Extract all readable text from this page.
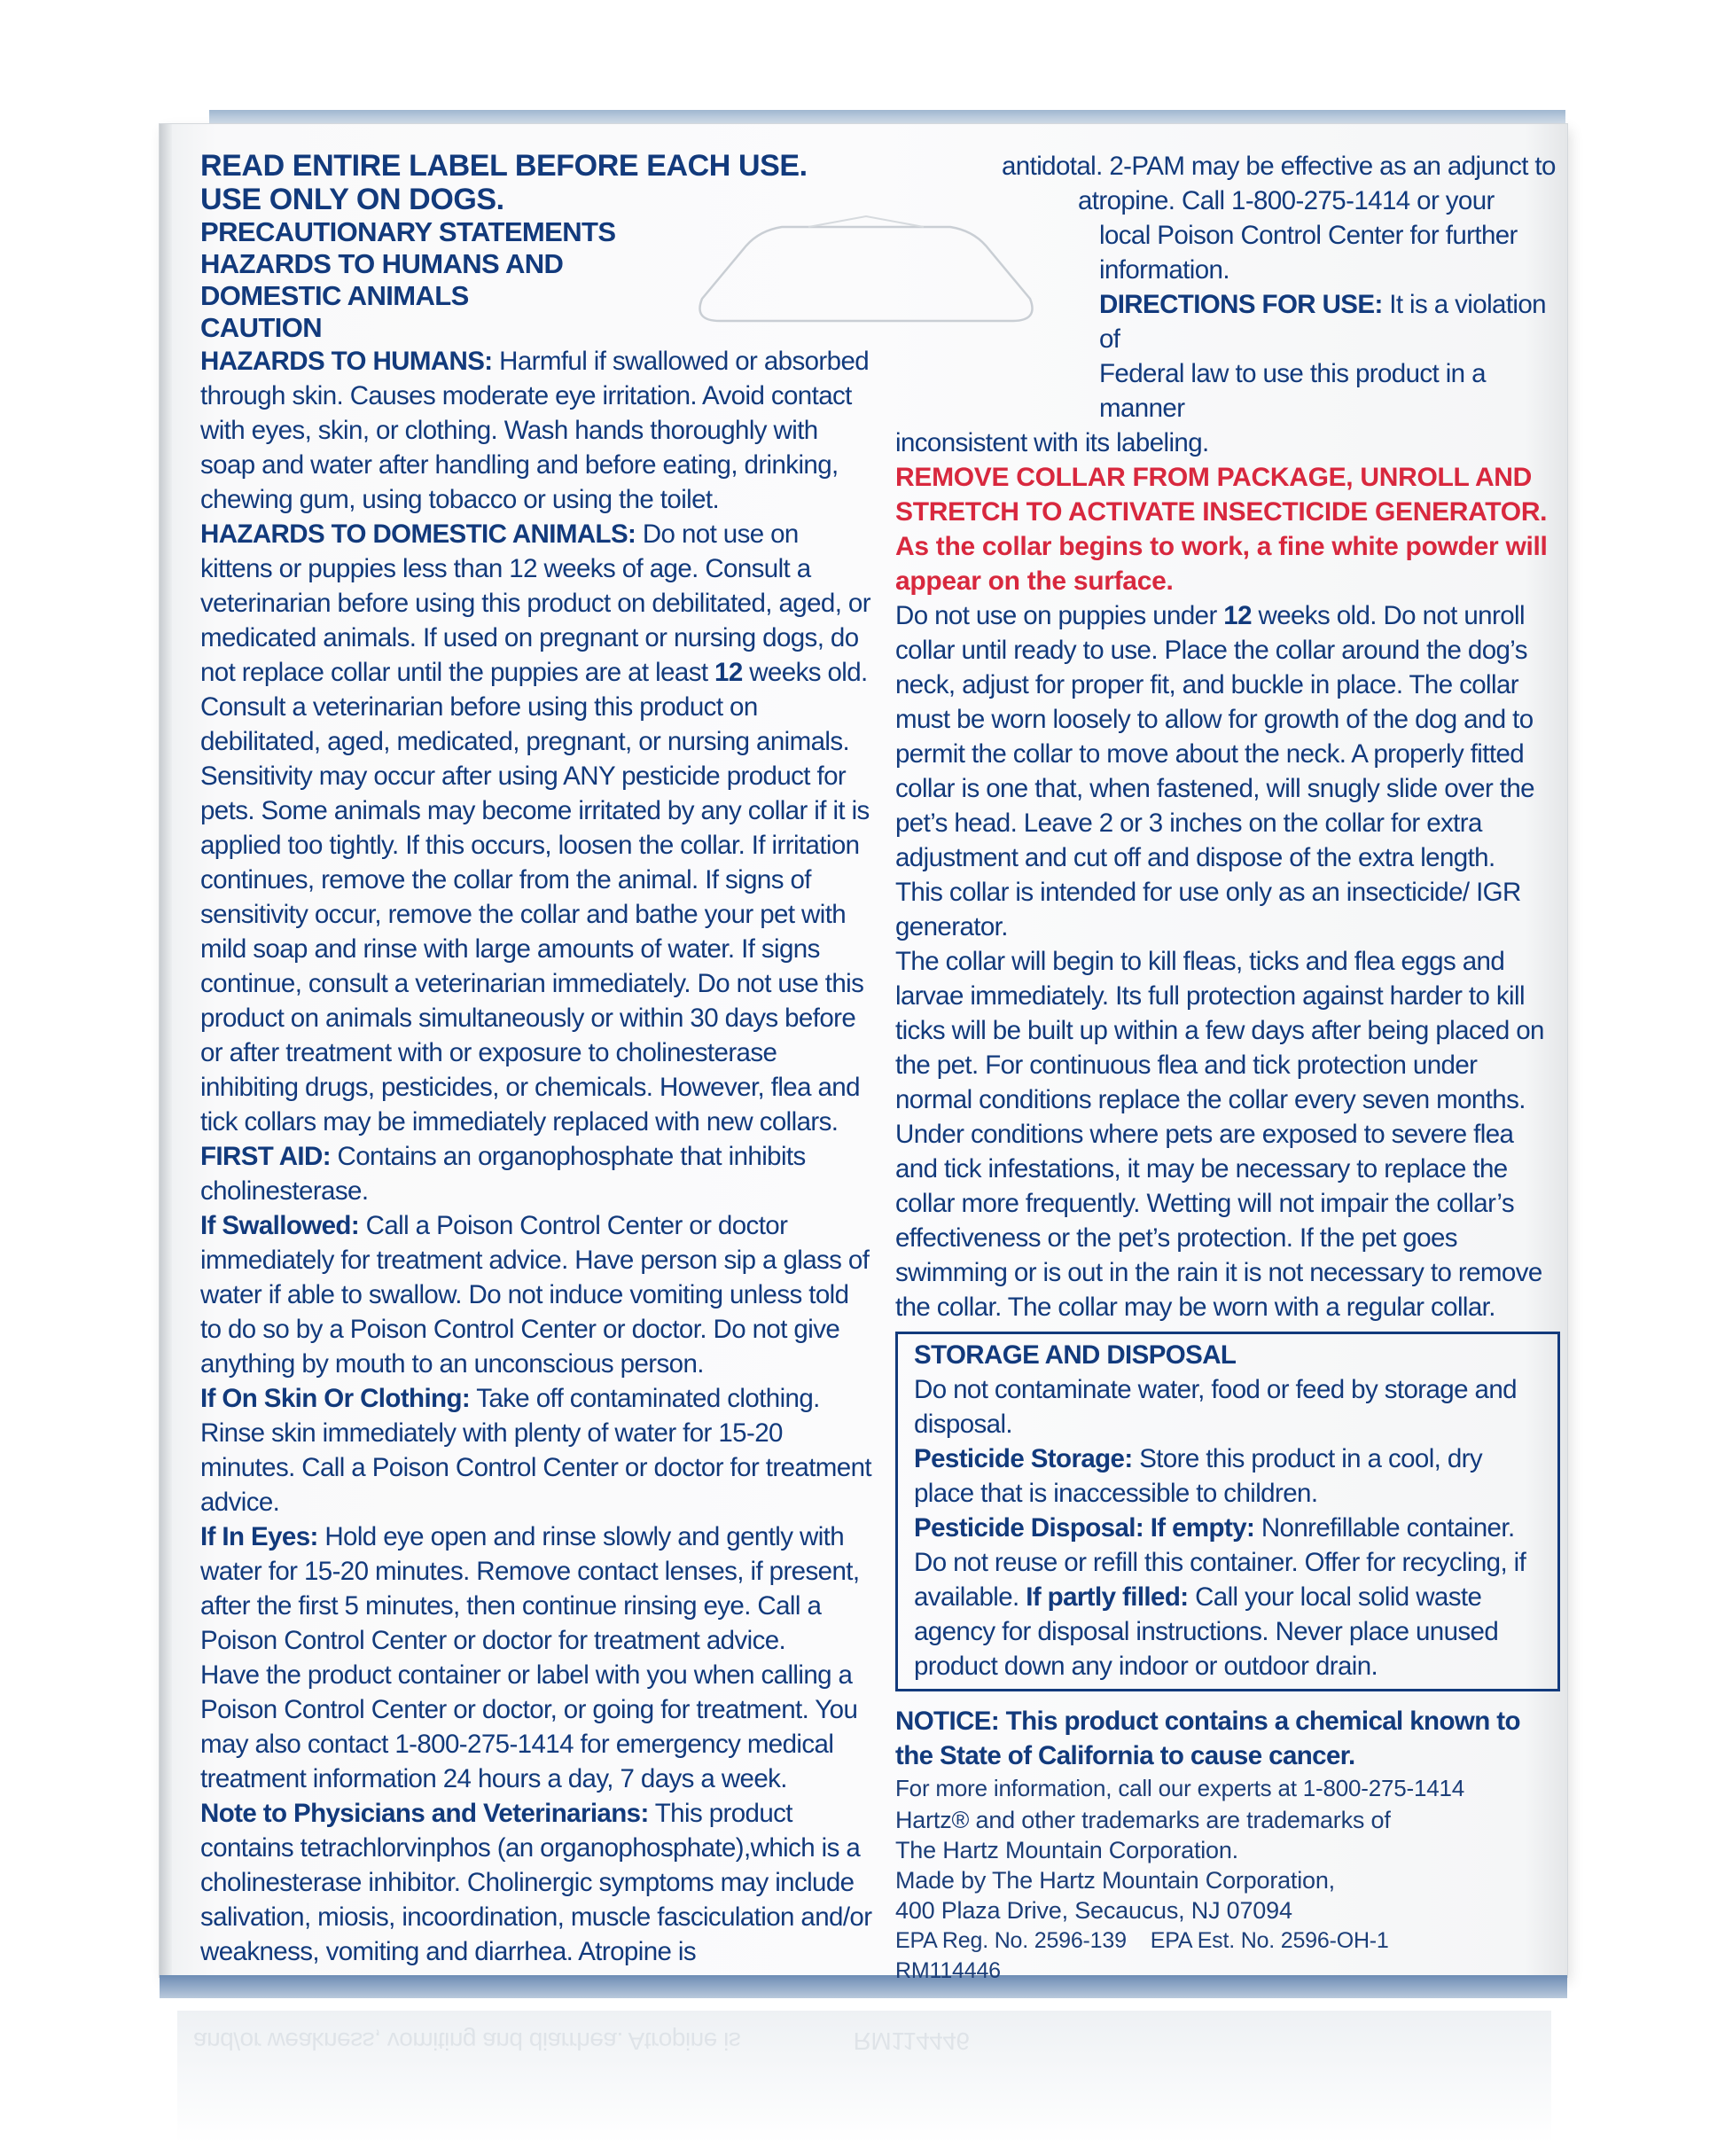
READ ENTIRE LABEL BEFORE EACH USE.

USE ONLY ON DOGS.

PRECAUTIONARY STATEMENTS

HAZARDS TO HUMANS AND

DOMESTIC ANIMALS

CAUTION

HAZARDS TO HUMANS: Harmful if swallowed or absorbed through skin. Causes moderate eye irritation. Avoid contact with eyes, skin, or clothing. Wash hands thoroughly with soap and water after handling and before eating, drinking, chewing gum, using tobacco or using the toilet.

HAZARDS TO DOMESTIC ANIMALS: Do not use on kittens or puppies less than 12 weeks of age. Consult a veterinarian before using this product on debilitated, aged, or medicated animals. If used on pregnant or nursing dogs, do not replace collar until the puppies are at least 12 weeks old. Consult a veterinarian before using this product on debilitated, aged, medicated, pregnant, or nursing animals. Sensitivity may occur after using ANY pesticide product for pets. Some animals may become irritated by any collar if it is applied too tightly. If this occurs, loosen the collar. If irritation continues, remove the collar from the animal. If signs of sensitivity occur, remove the collar and bathe your pet with mild soap and rinse with large amounts of water. If signs continue, consult a veterinarian immediately. Do not use this product on animals simultaneously or within 30 days before or after treatment with or exposure to cholinesterase inhibiting drugs, pesticides, or chemicals. However, flea and tick collars may be immediately replaced with new collars.

FIRST AID: Contains an organophosphate that inhibits cholinesterase.

If Swallowed: Call a Poison Control Center or doctor immediately for treatment advice. Have person sip a glass of water if able to swallow. Do not induce vomiting unless told to do so by a Poison Control Center or doctor. Do not give anything by mouth to an unconscious person.

If On Skin Or Clothing: Take off contaminated clothing. Rinse skin immediately with plenty of water for 15-20 minutes. Call a Poison Control Center or doctor for treatment advice.

If In Eyes: Hold eye open and rinse slowly and gently with water for 15-20 minutes. Remove contact lenses, if present, after the first 5 minutes, then continue rinsing eye. Call a Poison Control Center or doctor for treatment advice.

Have the product container or label with you when calling a Poison Control Center or doctor, or going for treatment. You may also contact 1-800-275-1414 for emergency medical treatment information 24 hours a day, 7 days a week.

Note to Physicians and Veterinarians: This product contains tetrachlorvinphos (an organophosphate),which is a cholinesterase inhibitor. Cholinergic symptoms may include salivation, miosis, incoordination, muscle fasciculation and/or weakness, vomiting and diarrhea. Atropine is

antidotal. 2-PAM may be effective as an adjunct to

atropine. Call 1-800-275-1414 or your

local Poison Control Center for further

information.

DIRECTIONS FOR USE: It is a violation of

Federal law to use this product in a manner

inconsistent with its labeling.

REMOVE COLLAR FROM PACKAGE, UNROLL AND STRETCH TO ACTIVATE INSECTICIDE GENERATOR. As the collar begins to work, a fine white powder will appear on the surface.

Do not use on puppies under 12 weeks old. Do not unroll collar until ready to use. Place the collar around the dog’s neck, adjust for proper fit, and buckle in place. The collar must be worn loosely to allow for growth of the dog and to permit the collar to move about the neck. A properly fitted collar is one that, when fastened, will snugly slide over the pet’s head. Leave 2 or 3 inches on the collar for extra adjustment and cut off and dispose of the extra length.

This collar is intended for use only as an insecticide/ IGR generator.

The collar will begin to kill fleas, ticks and flea eggs and larvae immediately. Its full protection against harder to kill ticks will be built up within a few days after being placed on the pet. For continuous flea and tick protection under normal conditions replace the collar every seven months. Under conditions where pets are exposed to severe flea and tick infestations, it may be necessary to replace the collar more frequently. Wetting will not impair the collar’s effectiveness or the pet’s protection. If the pet goes swimming or is out in the rain it is not necessary to remove the collar. The collar may be worn with a regular collar.

STORAGE AND DISPOSAL

Do not contaminate water, food or feed by storage and disposal.

Pesticide Storage: Store this product in a cool, dry place that is inaccessible to children.

Pesticide Disposal: If empty: Nonrefillable container. Do not reuse or refill this container. Offer for recycling, if available. If partly filled: Call your local solid waste agency for disposal instructions. Never place unused product down any indoor or outdoor drain.

NOTICE: This product contains a chemical known to the State of California to cause cancer.

For more information, call our experts at 1-800-275-1414

Hartz® and other trademarks are trademarks of

The Hartz Mountain Corporation.

Made by The Hartz Mountain Corporation,

400 Plaza Drive, Secaucus, NJ 07094

EPA Reg. No. 2596-139    EPA Est. No. 2596-OH-1

RM114446

and/or weakness, vomiting and diarrhea. Atropine is	RM114446
